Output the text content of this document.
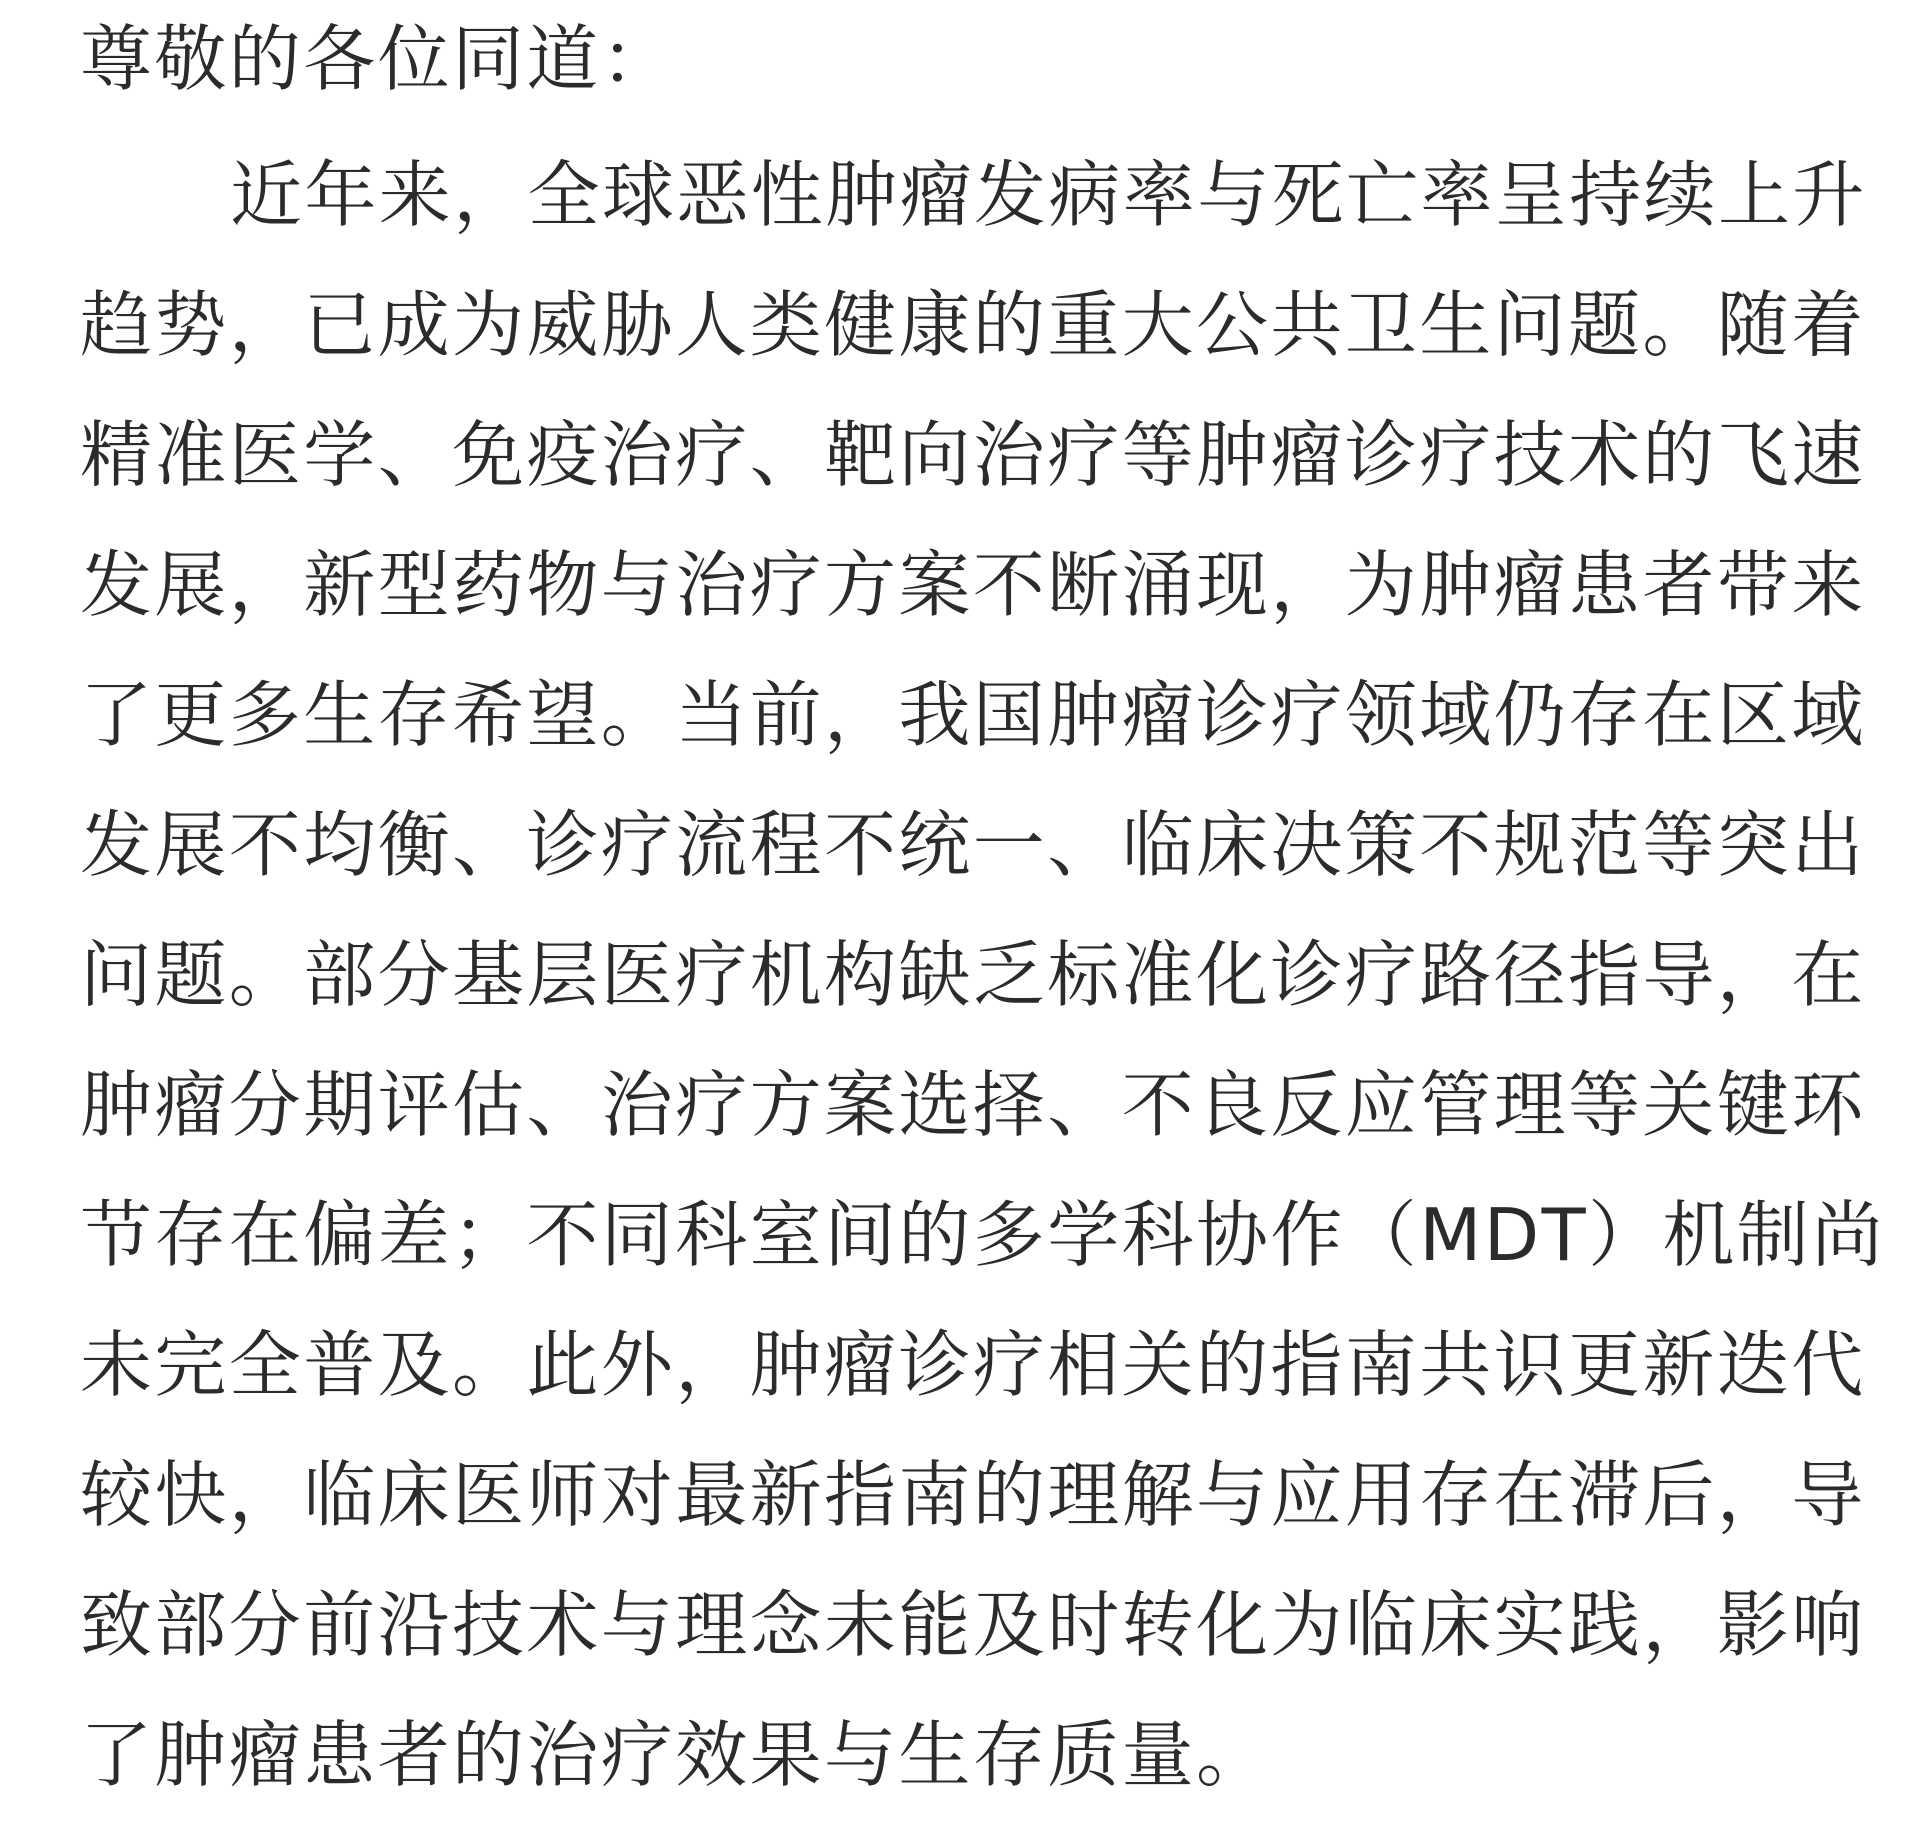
尊敬的各位同道：
近年来，全球恶性肿瘤发病率与死亡率呈持续上升
趋势，已成为威胁人类健康的重大公共卫生问题。随着
精准医学、免疫治疗、靶向治疗等肿瘤诊疗技术的飞速
发展，新型药物与治疗方案不断涌现，为肿瘤患者带来
了更多生存希望。当前，我国肿瘤诊疗领域仍存在区域
发展不均衡、诊疗流程不统一、临床决策不规范等突出
问题。部分基层医疗机构缺乏标准化诊疗路径指导，在
肿瘤分期评估、治疗方案选择、不良反应管理等关键环
节存在偏差；不同科室间的多学科协作（MDT）机制尚
未完全普及。此外，肿瘤诊疗相关的指南共识更新迭代
较快，临床医师对最新指南的理解与应用存在滞后，导
致部分前沿技术与理念未能及时转化为临床实践，影响
了肿瘤患者的治疗效果与生存质量。
